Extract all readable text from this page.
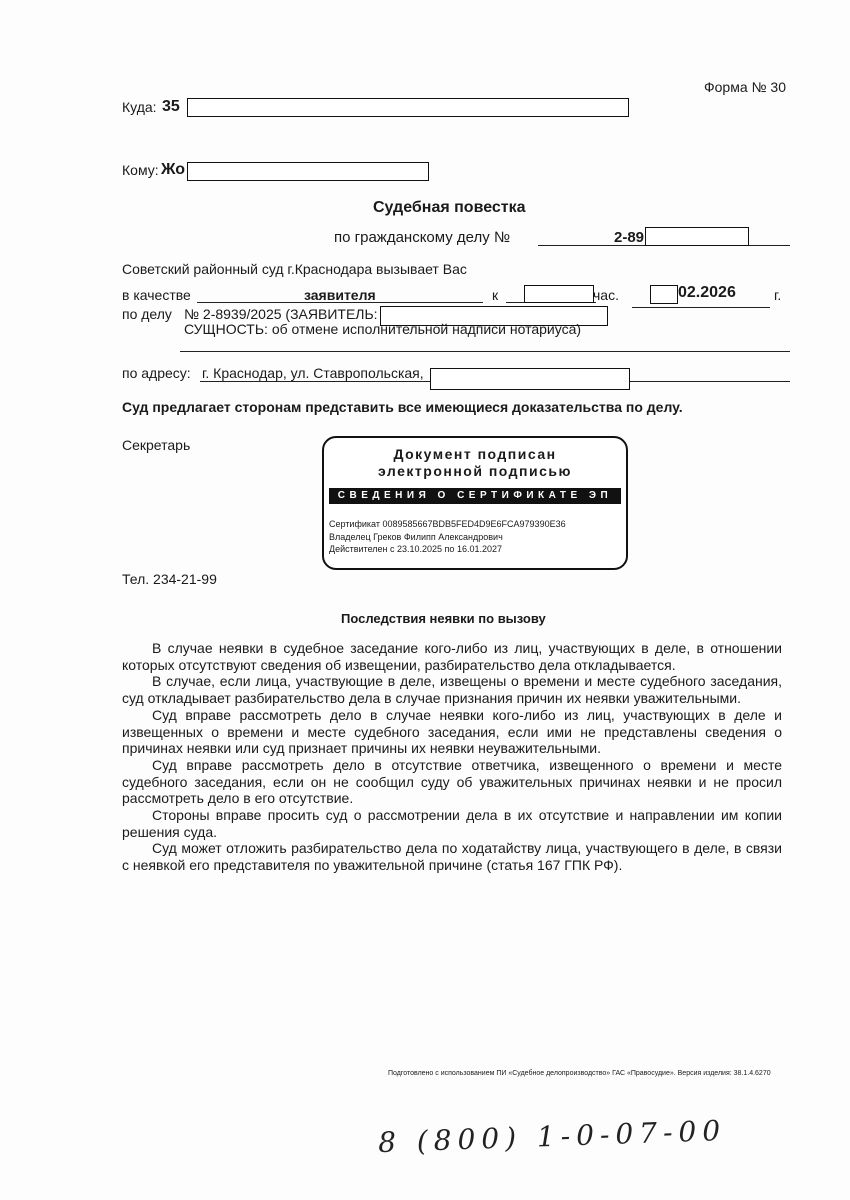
Форма № 30
Куда: 35
Кому: Жо
Судебная повестка
по гражданскому делу №	2-89
Советский районный суд г.Краснодара вызывает Вас
в качестве	заявителя	к	час.	02.2026	г.
по делу № 2-8939/2025 (ЗАЯВИТЕЛЬ:
СУЩНОСТЬ: об отмене исполнительной надписи нотариуса)
по адресу: г. Краснодар, ул. Ставропольская,
Суд предлагает сторонам представить все имеющиеся доказательства по делу.
Секретарь
Документ подписан
электронной подписью
СВЕДЕНИЯ О СЕРТИФИКАТЕ ЭП
Сертификат 0089585667BDB5FED4D9E6FCA979390E36
Владелец Греков Филипп Александрович
Действителен с 23.10.2025 по 16.01.2027
Тел. 234-21-99
Последствия неявки по вызову

В случае неявки в судебное заседание кого-либо из лиц, участвующих в деле, в отношении которых отсутствуют сведения об извещении, разбирательство дела откладывается.

В случае, если лица, участвующие в деле, извещены о времени и месте судебного заседания, суд откладывает разбирательство дела в случае признания причин их неявки уважительными.

Суд вправе рассмотреть дело в случае неявки кого-либо из лиц, участвующих в деле и извещенных о времени и месте судебного заседания, если ими не представлены сведения о причинах неявки или суд признает причины их неявки неуважительными.

Суд вправе рассмотреть дело в отсутствие ответчика, извещенного о времени и месте судебного заседания, если он не сообщил суду об уважительных причинах неявки и не просил рассмотреть дело в его отсутствие.

Стороны вправе просить суд о рассмотрении дела в их отсутствие и направлении им копии решения суда.

Суд может отложить разбирательство дела по ходатайству лица, участвующего в деле, в связи с неявкой его представителя по уважительной причине (статья 167 ГПК РФ).

Подготовлено с использованием ПИ «Судебное делопроизводство» ГАС «Правосудие». Версия изделия: 38.1.4.6270
8 (800) 1-0-07-00
